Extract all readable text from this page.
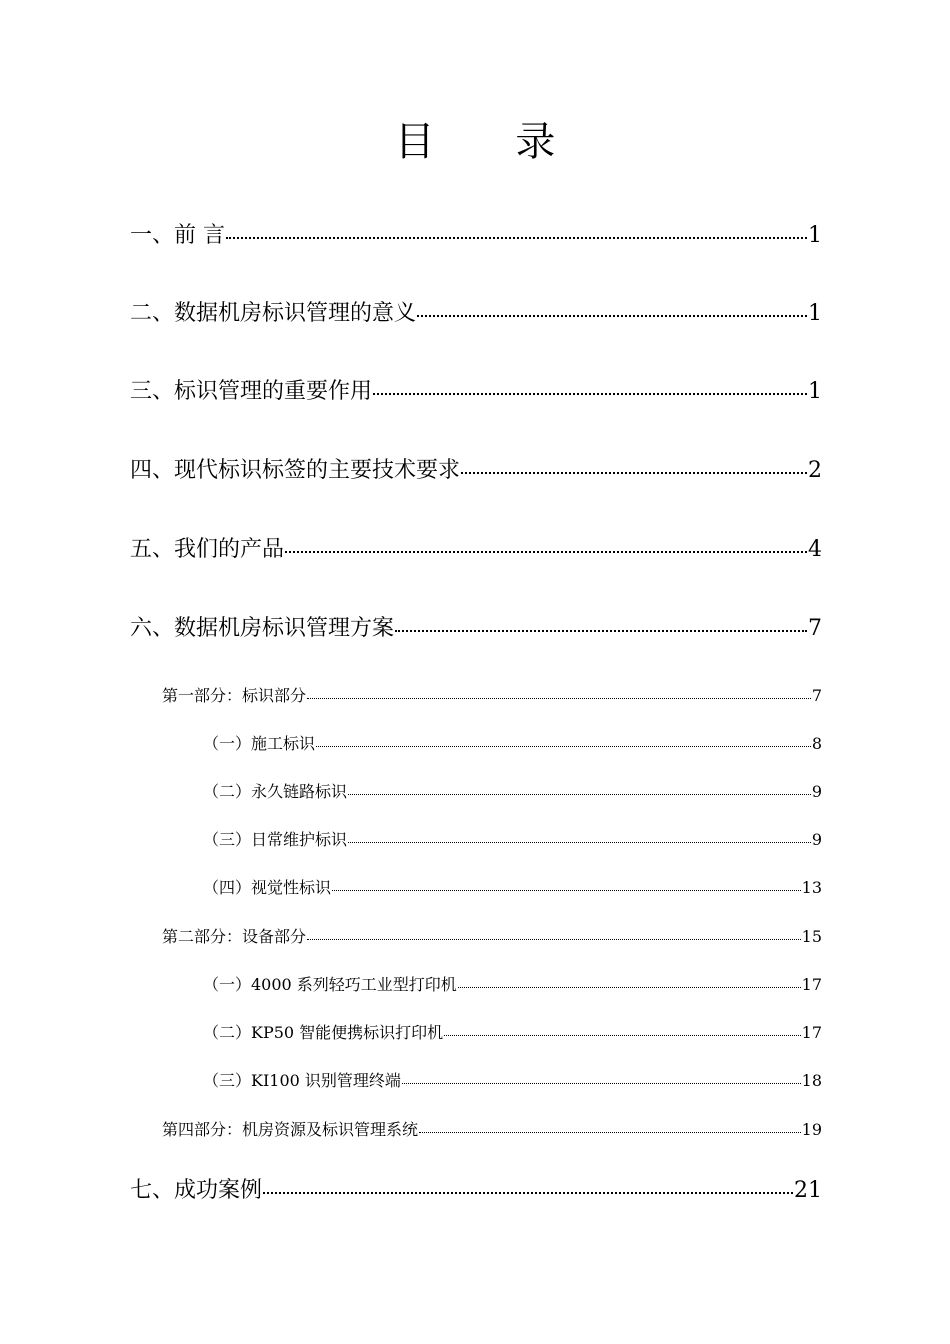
目 录
一、前 言	1
二、数据机房标识管理的意义	1
三、标识管理的重要作用	1
四、现代标识标签的主要技术要求	2
五、我们的产品	4
六、数据机房标识管理方案	7
第一部分：标识部分	7
（一）施工标识	8
（二）永久链路标识	9
（三）日常维护标识	9
（四）视觉性标识	13
第二部分：设备部分	15
（一）4000 系列轻巧工业型打印机	17
（二）KP50 智能便携标识打印机	17
（三）KI100 识别管理终端	18
第四部分：机房资源及标识管理系统	19
七、成功案例	21
